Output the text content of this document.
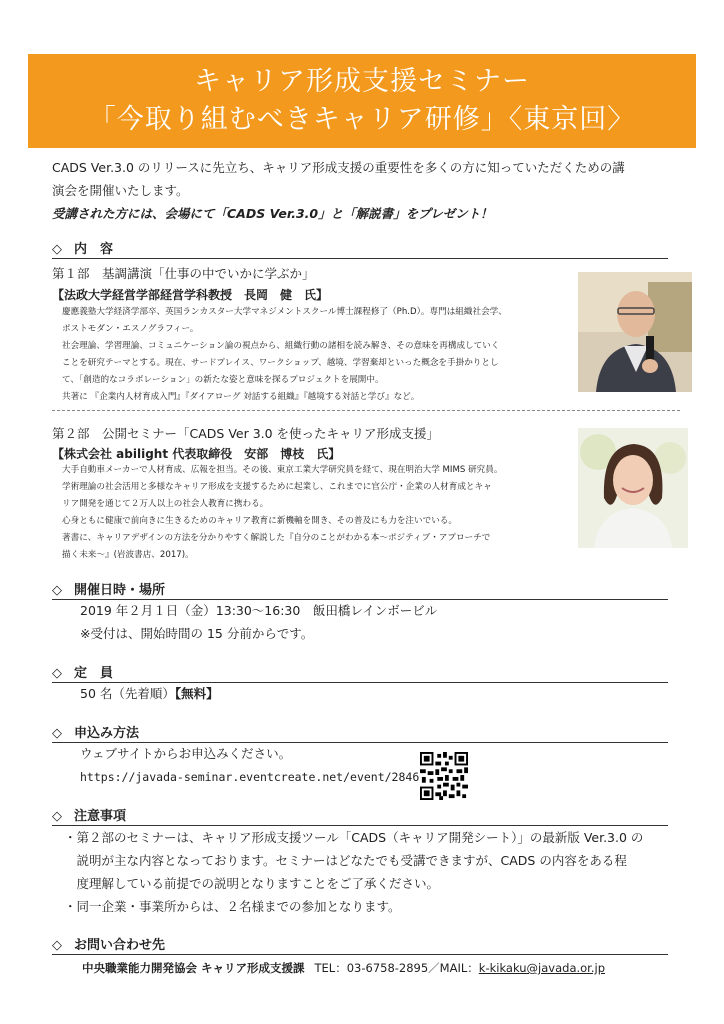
キャリア形成支援セミナー
「今取り組むべきキャリア研修」〈東京回〉
CADS Ver.3.0 のリリースに先立ち、キャリア形成支援の重要性を多くの方に知っていただくための講
演会を開催いたします。
受講された方には、会場にて「CADS Ver.3.0」と「解説書」をプレゼント！
◇ 内　容
第１部　基調講演「仕事の中でいかに学ぶか」
【法政大学経営学部経営学科教授　長岡　健　氏】

慶應義塾大学経済学部卒、英国ランカスター大学マネジメントスクール博士課程修了（Ph.D）。専門は組織社会学、

ポストモダン・エスノグラフィー。

社会理論、学習理論、コミュニケーション論の視点から、組織行動の諸相を読み解き、その意味を再構成していく

ことを研究テーマとする。現在、サードプレイス、ワークショップ、越境、学習棄却といった概念を手掛かりとし

て、「創造的なコラボレーション」の新たな姿と意味を探るプロジェクトを展開中。

共著に 『企業内人材育成入門』『ダイアローグ 対話する組織』『越境する対話と学び』など。

第２部　公開セミナー「CADS Ver 3.0 を使ったキャリア形成支援」
【株式会社 abilight 代表取締役　安部　博枝　氏】

大手自動車メーカーで人材育成、広報を担当。その後、東京工業大学研究員を経て、現在明治大学 MIMS 研究員。

学術理論の社会活用と多様なキャリア形成を支援するために起業し、これまでに官公庁・企業の人材育成とキャ

リア開発を通じて２万人以上の社会人教育に携わる。

心身ともに健康で前向きに生きるためのキャリア教育に新機軸を開き、その普及にも力を注いでいる。

著書に、キャリアデザインの方法を分かりやすく解説した『自分のことがわかる本～ポジティブ・アプローチで

描く未来～』(岩波書店、2017)。

◇ 開催日時・場所
2019 年２月１日（金）13:30～16:30　飯田橋レインボービル
※受付は、開始時間の 15 分前からです。
◇ 定　員
50 名（先着順）【無料】
◇ 申込み方法
ウェブサイトからお申込みください。
https://javada-seminar.eventcreate.net/event/2846
◇ 注意事項
・第２部のセミナーは、キャリア形成支援ツール「CADS（キャリア開発シート）」の最新版 Ver.3.0 の
　説明が主な内容となっております。セミナーはどなたでも受講できますが、CADS の内容をある程
　度理解している前提での説明となりますことをご了承ください。
・同一企業・事業所からは、２名様までの参加となります。
◇ お問い合わせ先
中央職業能力開発協会 キャリア形成支援課 TEL：03-6758-2895／MAIL：k-kikaku@javada.or.jp
